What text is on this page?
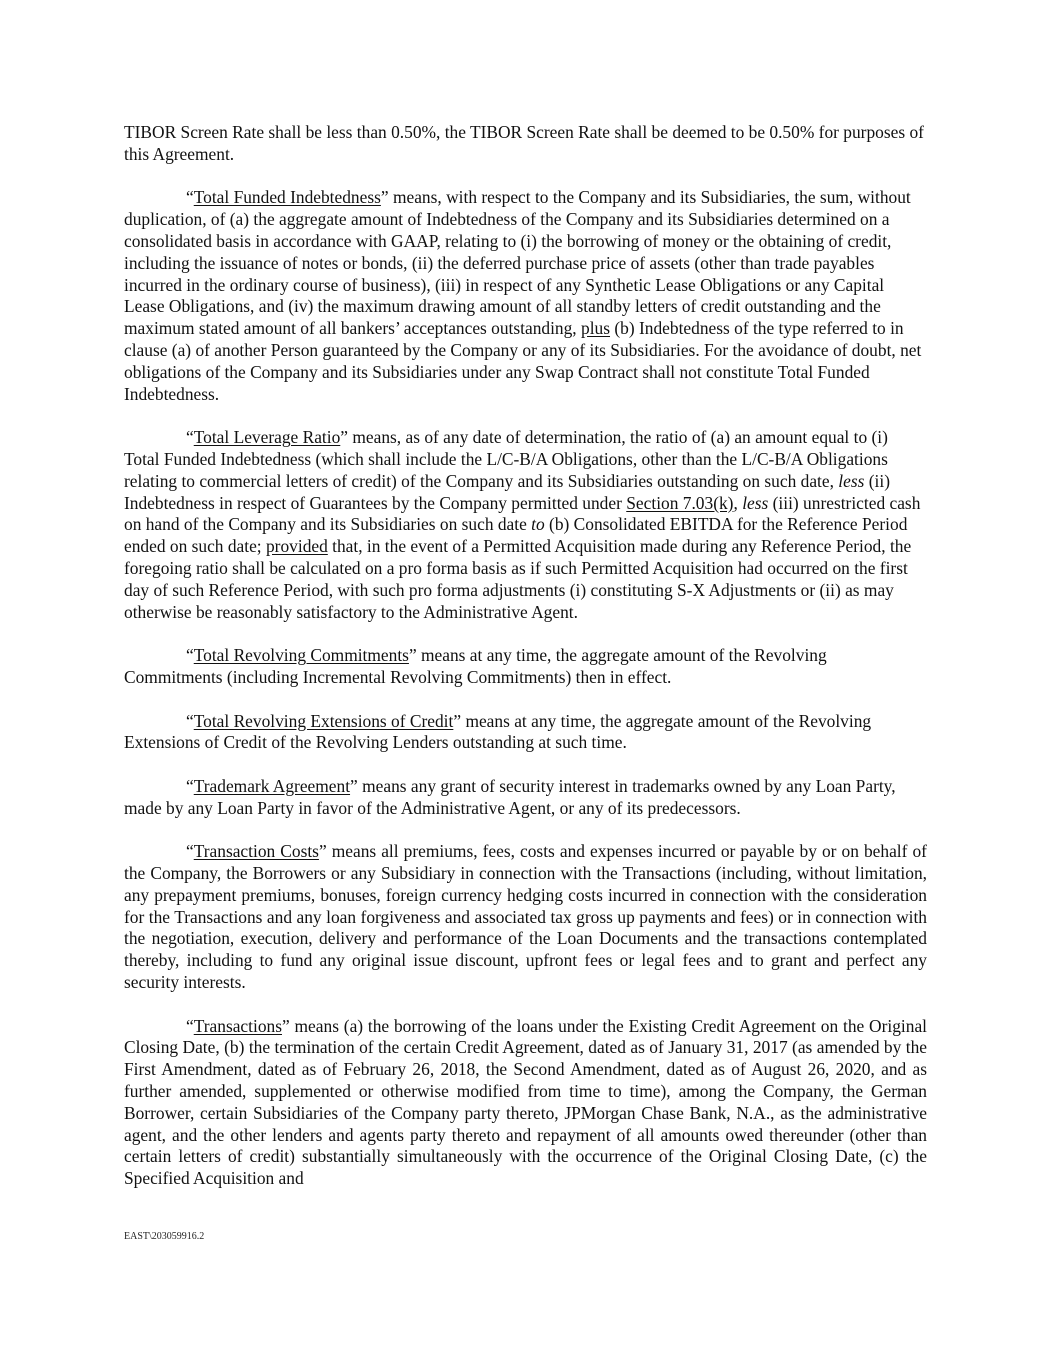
TIBOR Screen Rate shall be less than 0.50%, the TIBOR Screen Rate shall be deemed to be 0.50% for purposes of this Agreement.

“Total Funded Indebtedness” means, with respect to the Company and its Subsidiaries, the sum, without duplication, of (a) the aggregate amount of Indebtedness of the Company and its Subsidiaries determined on a consolidated basis in accordance with GAAP, relating to (i) the borrowing of money or the obtaining of credit, including the issuance of notes or bonds, (ii) the deferred purchase price of assets (other than trade payables incurred in the ordinary course of business), (iii) in respect of any Synthetic Lease Obligations or any Capital Lease Obligations, and (iv) the maximum drawing amount of all standby letters of credit outstanding and the maximum stated amount of all bankers’ acceptances outstanding, plus (b) Indebtedness of the type referred to in clause (a) of another Person guaranteed by the Company or any of its Subsidiaries. For the avoidance of doubt, net obligations of the Company and its Subsidiaries under any Swap Contract shall not constitute Total Funded Indebtedness.

“Total Leverage Ratio” means, as of any date of determination, the ratio of (a) an amount equal to (i) Total Funded Indebtedness (which shall include the L/C-B/A Obligations, other than the L/C-B/A Obligations relating to commercial letters of credit) of the Company and its Subsidiaries outstanding on such date, less (ii) Indebtedness in respect of Guarantees by the Company permitted under Section 7.03(k), less (iii) unrestricted cash on hand of the Company and its Subsidiaries on such date to (b) Consolidated EBITDA for the Reference Period ended on such date; provided that, in the event of a Permitted Acquisition made during any Reference Period, the foregoing ratio shall be calculated on a pro forma basis as if such Permitted Acquisition had occurred on the first day of such Reference Period, with such pro forma adjustments (i) constituting S-X Adjustments or (ii) as may otherwise be reasonably satisfactory to the Administrative Agent.

“Total Revolving Commitments” means at any time, the aggregate amount of the Revolving Commitments (including Incremental Revolving Commitments) then in effect.

“Total Revolving Extensions of Credit” means at any time, the aggregate amount of the Revolving Extensions of Credit of the Revolving Lenders outstanding at such time.

“Trademark Agreement” means any grant of security interest in trademarks owned by any Loan Party, made by any Loan Party in favor of the Administrative Agent, or any of its predecessors.

“Transaction Costs” means all premiums, fees, costs and expenses incurred or payable by or on behalf of the Company, the Borrowers or any Subsidiary in connection with the Transactions (including, without limitation, any prepayment premiums, bonuses, foreign currency hedging costs incurred in connection with the consideration for the Transactions and any loan forgiveness and associated tax gross up payments and fees) or in connection with the negotiation, execution, delivery and performance of the Loan Documents and the transactions contemplated thereby, including to fund any original issue discount, upfront fees or legal fees and to grant and perfect any security interests.

“Transactions” means (a) the borrowing of the loans under the Existing Credit Agreement on the Original Closing Date, (b) the termination of the certain Credit Agreement, dated as of January 31, 2017 (as amended by the First Amendment, dated as of February 26, 2018, the Second Amendment, dated as of August 26, 2020, and as further amended, supplemented or otherwise modified from time to time), among the Company, the German Borrower, certain Subsidiaries of the Company party thereto, JPMorgan Chase Bank, N.A., as the administrative agent, and the other lenders and agents party thereto and repayment of all amounts owed thereunder (other than certain letters of credit) substantially simultaneously with the occurrence of the Original Closing Date, (c) the Specified Acquisition and

EAST\203059916.2
